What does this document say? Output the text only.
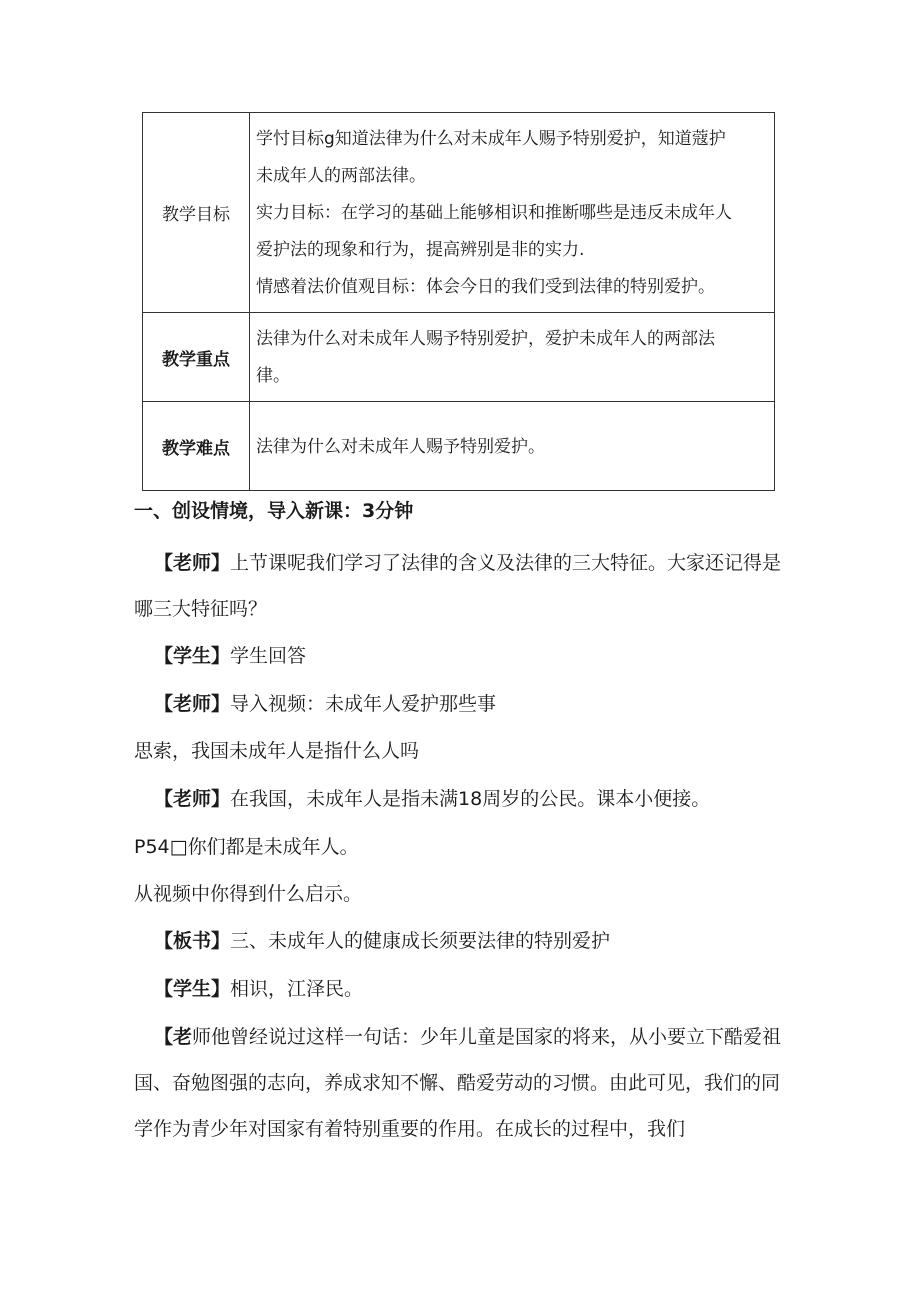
教学目标	学忖目标g知道法律为什么对未成年人赐予特别爱护，知道蔻护

未成年人的两部法律。

实力目标：在学习的基础上能够相识和推断哪些是违反未成年人

爱护法的现象和行为，提高辨别是非的实力.

情感着法价值观目标：体会今日的我们受到法律的特别爱护。

教学重点	法律为什么对未成年人赐予特别爱护，爱护未成年人的两部法

律。

教学难点	法律为什么对未成年人赐予特别爱护。

一、创设情境，导入新课：3分钟

【老师】上节课呢我们学习了法律的含义及法律的三大特征。大家还记得是哪三大特征吗？

【学生】学生回答

【老师】导入视频：未成年人爱护那些事

思索，我国未成年人是指什么人吗

【老师】在我国，未成年人是指未满18周岁的公民。课本小便接。

P54□你们都是未成年人。

从视频中你得到什么启示。

【板书】三、未成年人的健康成长须要法律的特别爱护

【学生】相识，江泽民。

【老师他曾经说过这样一句话：少年儿童是国家的将来，从小要立下酷爱祖国、奋勉图强的志向，养成求知不懈、酷爱劳动的习惯。由此可见，我们的同学作为青少年对国家有着特别重要的作用。在成长的过程中，我们
